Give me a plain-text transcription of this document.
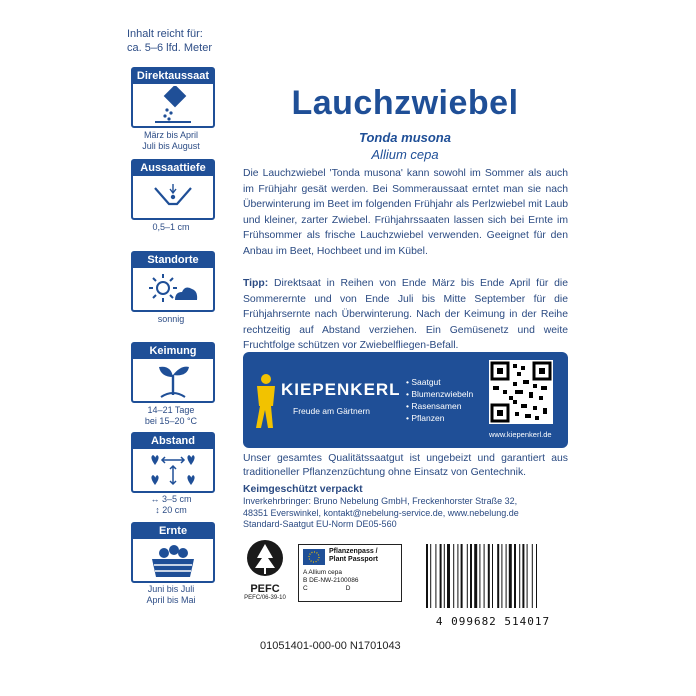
Inhalt reicht für:
ca. 5–6 lfd. Meter
Direktaussaat
März bis April
Juli bis August
Aussaattiefe
0,5–1 cm
Standorte
sonnig
Keimung
14–21 Tage
bei 15–20 °C
Abstand
↔ 3–5 cm
↕ 20 cm
Ernte
Juni bis Juli
April bis Mai
Lauchzwiebel
Tonda musona
Allium cepa
Die Lauchzwiebel 'Tonda musona' kann sowohl im Sommer als auch im Frühjahr gesät werden. Bei Sommeraussaat erntet man sie nach Überwinterung im Beet im folgenden Frühjahr als Perlzwiebel mit Laub und kleiner, zarter Zwiebel. Frühjahrssaaten lassen sich bei Ernte im Frühsommer als frische Lauchzwiebel verwenden. Geeignet für den Anbau im Beet, Hochbeet und im Kübel.
Tipp: Direktsaat in Reihen von Ende März bis Ende April für die Sommerernte und von Ende Juli bis Mitte September für die Frühjahrsernte nach Überwinterung. Nach der Keimung in der Reihe rechtzeitig auf Abstand verziehen. Ein Gemüsenetz und weite Fruchtfolge schützen vor Zwiebelfliegen-Befall.
KIEPENKERL
Freude am Gärtnern
• Saatgut
• Blumenzwiebeln
• Rasensamen
• Pflanzen
www.kiepenkerl.de
Unser gesamtes Qualitätssaatgut ist ungebeizt und garantiert aus traditioneller Pflanzenzüchtung ohne Einsatz von Gentechnik.
Keimgeschützt verpackt
Inverkehrbringer: Bruno Nebelung GmbH, Freckenhorster Straße 32,
48351 Everswinkel, kontakt@nebelung-service.de, www.nebelung.de
Standard-Saatgut EU-Norm DE05-560
PEFC
PEFC/06-39-10
Pflanzenpass /
Plant Passport
A Allium cepa
B DE-NW-2100086
C	D
4 099682 514017
01051401-000-00 N1701043
